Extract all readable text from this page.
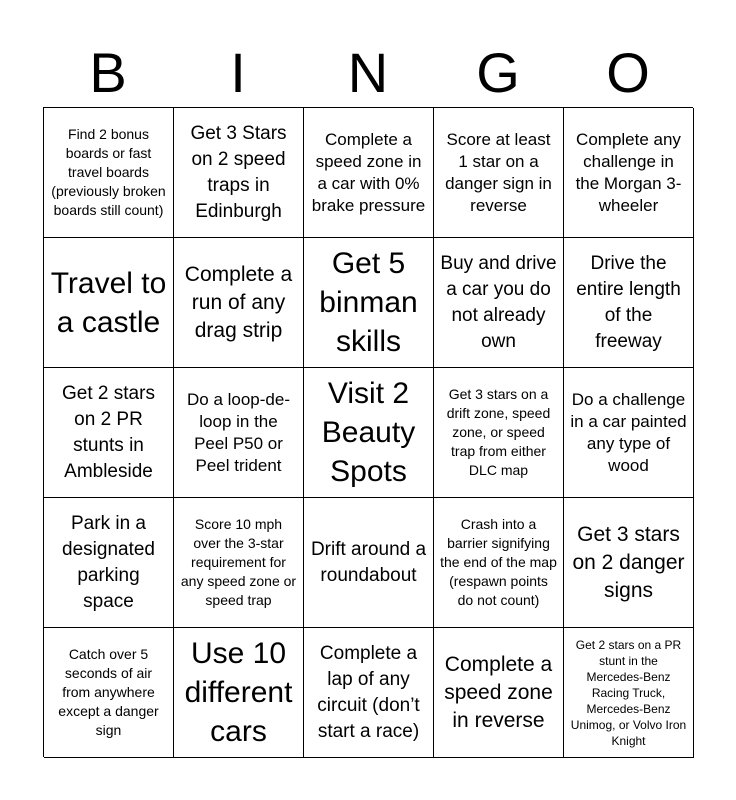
B	I	N	G	O
Find 2 bonus boards or fast travel boards (previously broken boards still count)
Get 3 Stars on 2 speed traps in Edinburgh
Complete a speed zone in a car with 0% brake pressure
Score at least 1 star on a danger sign in reverse
Complete any challenge in the Morgan 3-wheeler
Travel to a castle
Complete a run of any drag strip
Get 5 binman skills
Buy and drive a car you do not already own
Drive the entire length of the freeway
Get 2 stars on 2 PR stunts in Ambleside
Do a loop-de-loop in the Peel P50 or Peel trident
Visit 2 Beauty Spots
Get 3 stars on a drift zone, speed zone, or speed trap from either DLC map
Do a challenge in a car painted any type of wood
Park in a designated parking space
Score 10 mph over the 3-star requirement for any speed zone or speed trap
Drift around a roundabout
Crash into a barrier signifying the end of the map (respawn points do not count)
Get 3 stars on 2 danger signs
Catch over 5 seconds of air from anywhere except a danger sign
Use 10 different cars
Complete a lap of any circuit (don’t start a race)
Complete a speed zone in reverse
Get 2 stars on a PR stunt in the Mercedes-Benz Racing Truck, Mercedes-Benz Unimog, or Volvo Iron Knight
